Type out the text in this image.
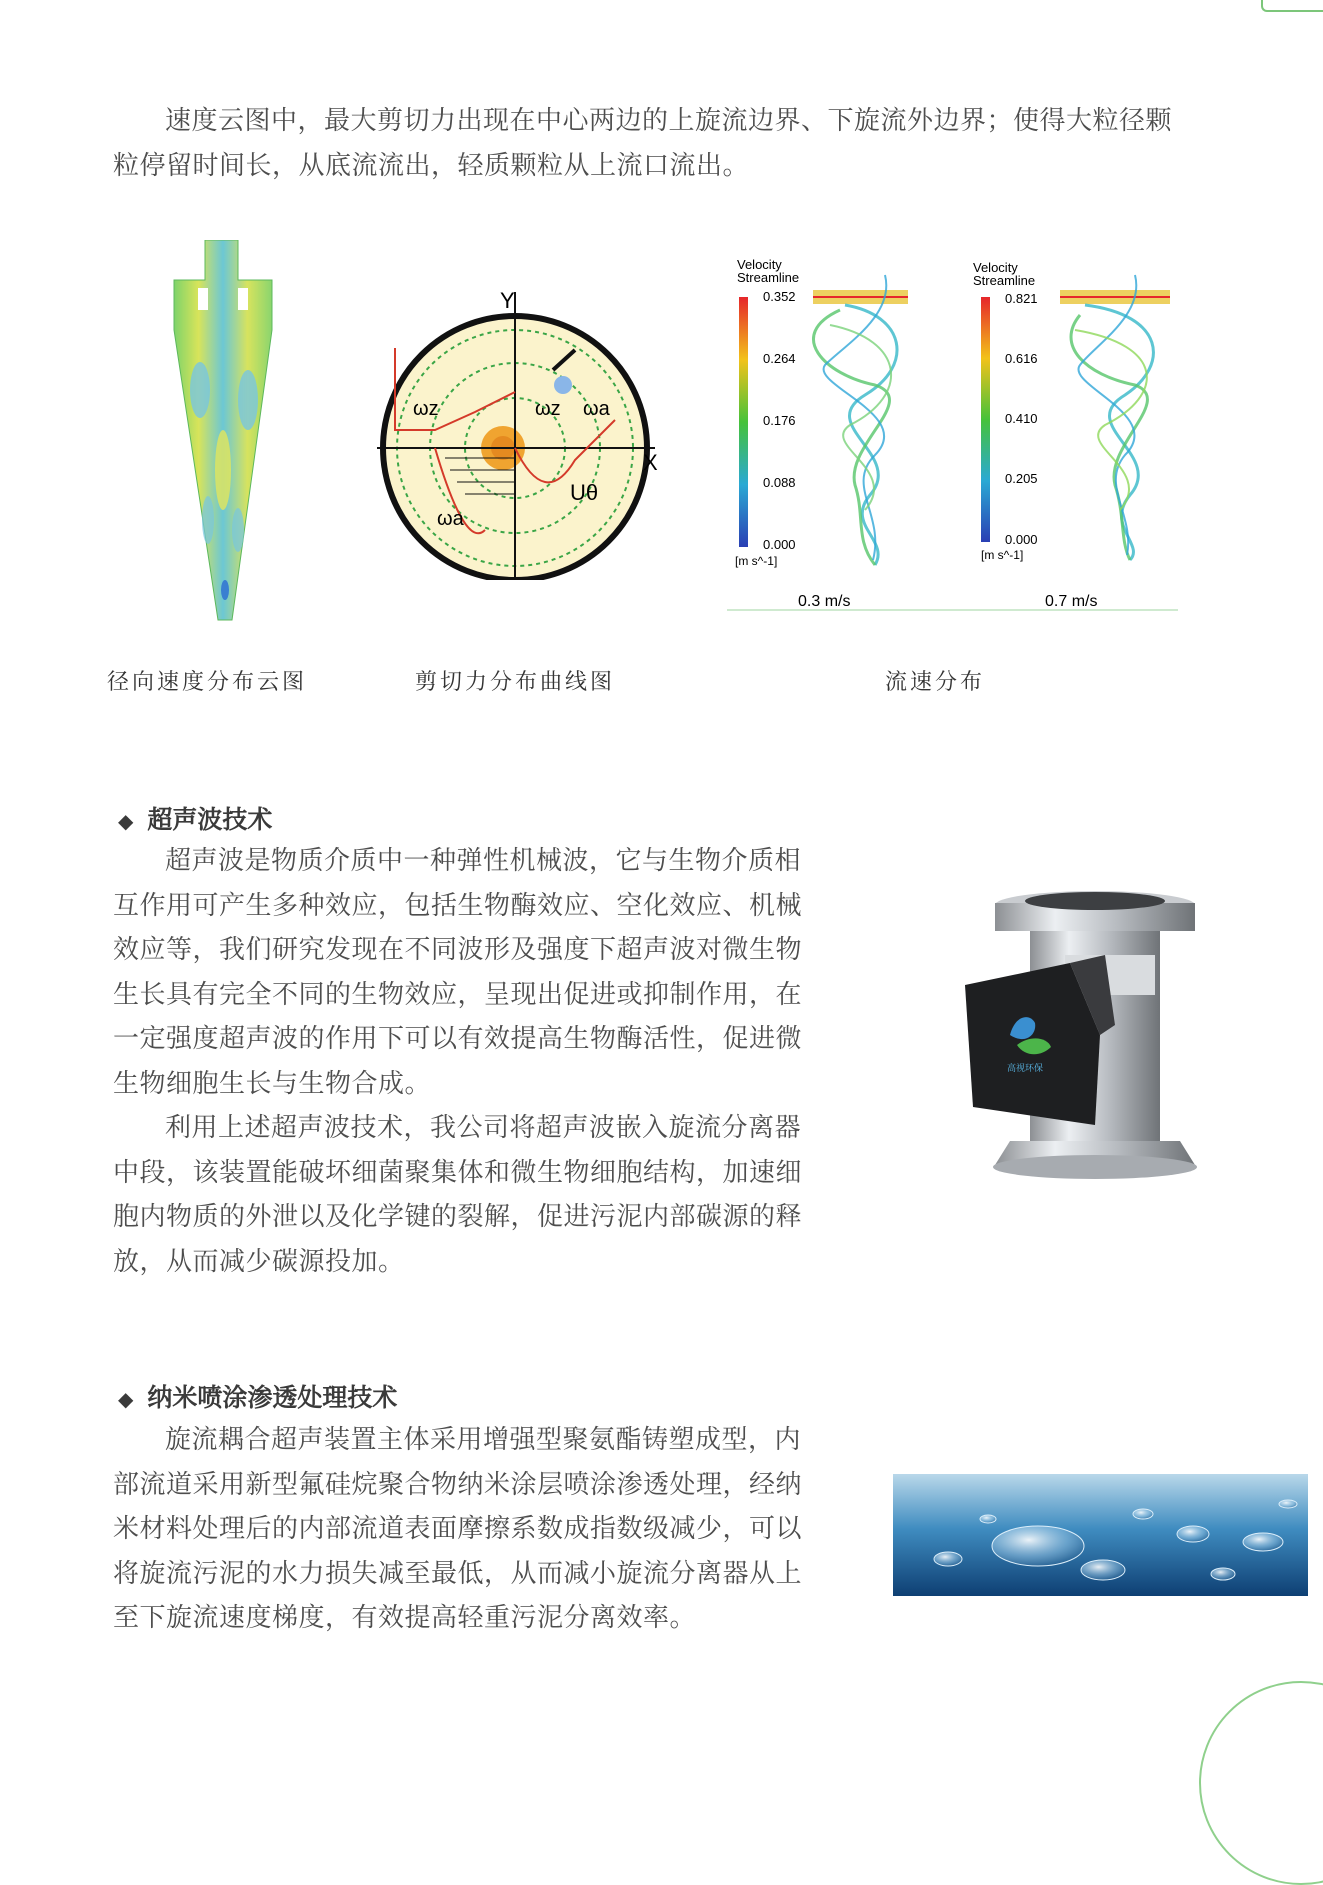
速度云图中，最大剪切力出现在中心两边的上旋流边界、下旋流外边界；使得大粒径颗粒停留时间长，从底流流出，轻质颗粒从上流口流出。

Y
X
ωz	ωz ωa
ωa
Uθ
Velocity
Streamline
0.352
0.264
0.176
0.088
0.000
[m s^-1]
Velocity
Streamline
0.821
0.616
0.410
0.205
0.000
[m s^-1]
0.3 m/s	0.7 m/s
径向速度分布云图	剪切力分布曲线图	流速分布
◆ 超声波技术

超声波是物质介质中一种弹性机械波，它与生物介质相互作用可产生多种效应，包括生物酶效应、空化效应、机械效应等，我们研究发现在不同波形及强度下超声波对微生物生长具有完全不同的生物效应，呈现出促进或抑制作用，在一定强度超声波的作用下可以有效提高生物酶活性，促进微生物细胞生长与生物合成。

利用上述超声波技术，我公司将超声波嵌入旋流分离器中段，该装置能破坏细菌聚集体和微生物细胞结构，加速细胞内物质的外泄以及化学键的裂解，促进污泥内部碳源的释放，从而减少碳源投加。

高视环保
◆ 纳米喷涂渗透处理技术

旋流耦合超声装置主体采用增强型聚氨酯铸塑成型，内部流道采用新型氟硅烷聚合物纳米涂层喷涂渗透处理，经纳米材料处理后的内部流道表面摩擦系数成指数级减少，可以将旋流污泥的水力损失减至最低，从而减小旋流分离器从上至下旋流速度梯度，有效提高轻重污泥分离效率。
